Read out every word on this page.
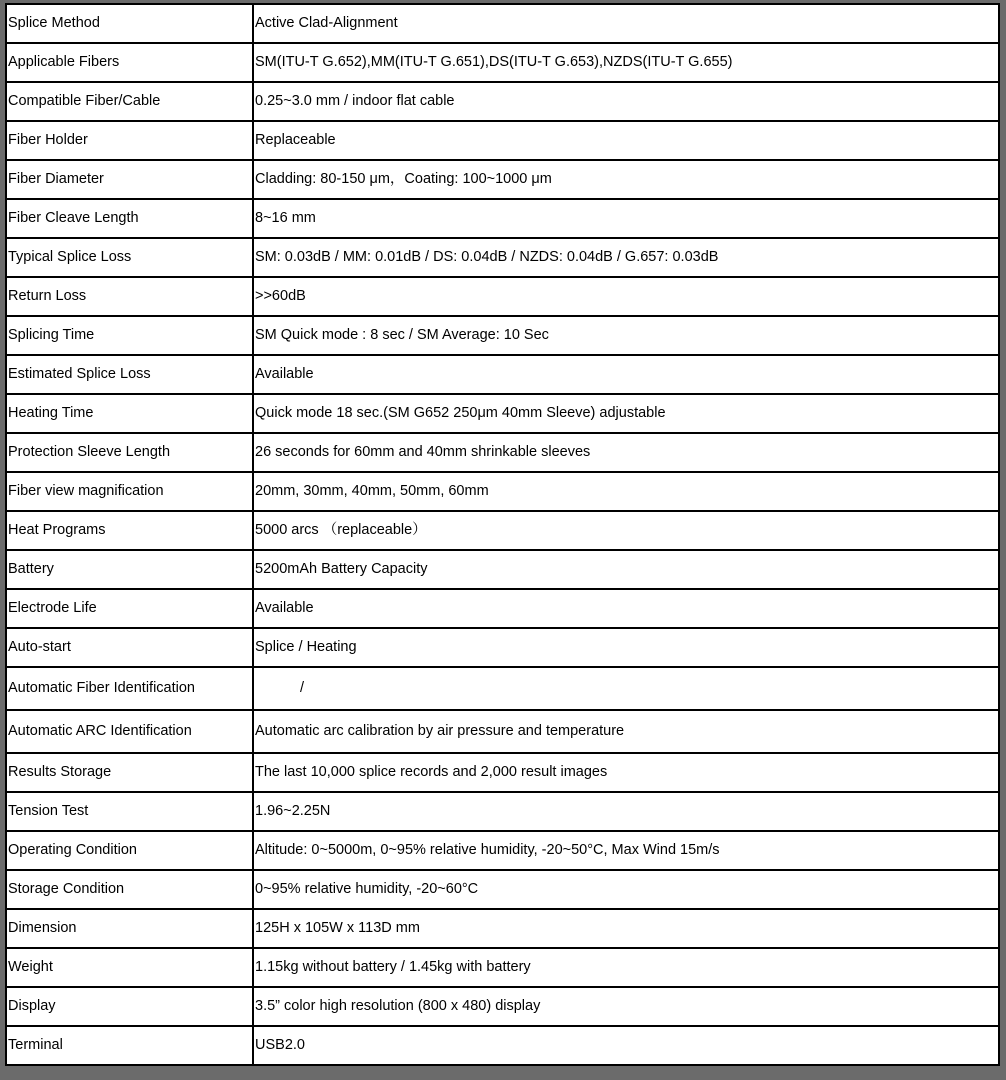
Splice Method	Active Clad-Alignment
Applicable Fibers	SM(ITU-T G.652),MM(ITU-T G.651),DS(ITU-T G.653),NZDS(ITU-T G.655)
Compatible Fiber/Cable	0.25~3.0 mm / indoor flat cable
Fiber Holder	Replaceable
Fiber Diameter	Cladding: 80-150 μm，Coating: 100~1000 μm
Fiber Cleave Length	8~16 mm
Typical Splice Loss	SM: 0.03dB / MM: 0.01dB / DS: 0.04dB / NZDS: 0.04dB / G.657: 0.03dB
Return Loss	>>60dB
Splicing Time	SM Quick mode : 8 sec / SM Average: 10 Sec
Estimated Splice Loss	Available
Heating Time	Quick mode 18 sec.(SM G652 250μm 40mm Sleeve) adjustable
Protection Sleeve Length	26 seconds for 60mm and 40mm shrinkable sleeves
Fiber view magnification	20mm, 30mm, 40mm, 50mm, 60mm
Heat Programs	5000 arcs （replaceable）
Battery	5200mAh Battery Capacity
Electrode Life	Available
Auto-start	Splice / Heating
Automatic Fiber Identification	/
Automatic ARC Identification	Automatic arc calibration by air pressure and temperature
Results Storage	The last 10,000 splice records and 2,000 result images
Tension Test	1.96~2.25N
Operating Condition	Altitude: 0~5000m, 0~95% relative humidity, -20~50°C, Max Wind 15m/s
Storage Condition	0~95% relative humidity, -20~60°C
Dimension	125H x 105W x 113D mm
Weight	1.15kg without battery / 1.45kg with battery
Display	3.5” color high resolution (800 x 480) display
Terminal	USB2.0
